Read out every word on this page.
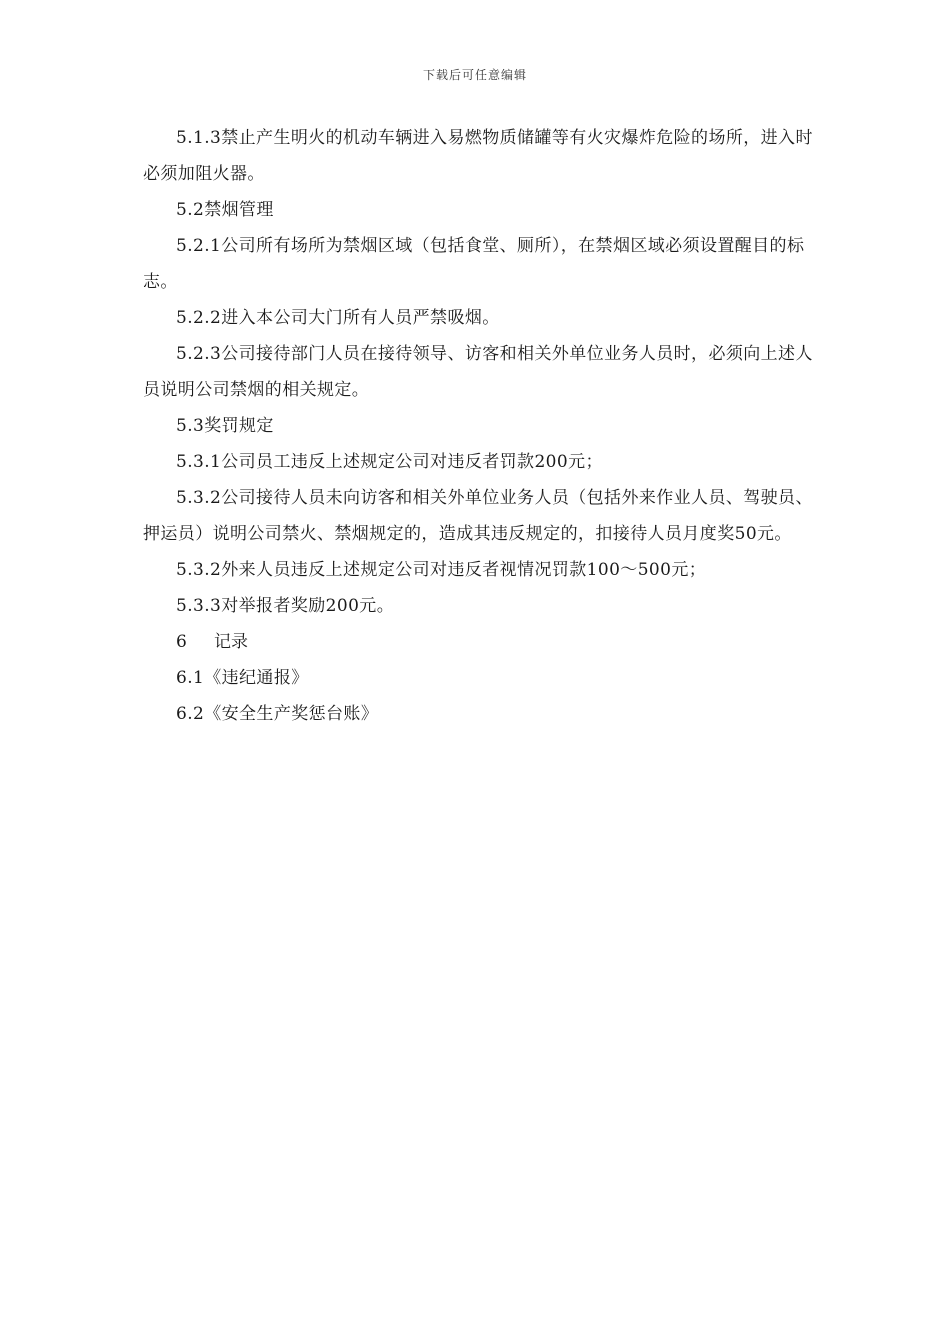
下载后可任意编辑

5.1.3禁止产生明火的机动车辆进入易燃物质储罐等有火灾爆炸危险的场所，进入时必须加阻火器。

5.2禁烟管理

5.2.1公司所有场所为禁烟区域（包括食堂、厕所），在禁烟区域必须设置醒目的标志。

5.2.2进入本公司大门所有人员严禁吸烟。

5.2.3公司接待部门人员在接待领导、访客和相关外单位业务人员时，必须向上述人员说明公司禁烟的相关规定。

5.3奖罚规定

5.3.1公司员工违反上述规定公司对违反者罚款200元；

5.3.2公司接待人员未向访客和相关外单位业务人员（包括外来作业人员、驾驶员、押运员）说明公司禁火、禁烟规定的，造成其违反规定的，扣接待人员月度奖50元。

5.3.2外来人员违反上述规定公司对违反者视情况罚款100～500元；

5.3.3对举报者奖励200元。

6 记录

6.1《违纪通报》

6.2《安全生产奖惩台账》
